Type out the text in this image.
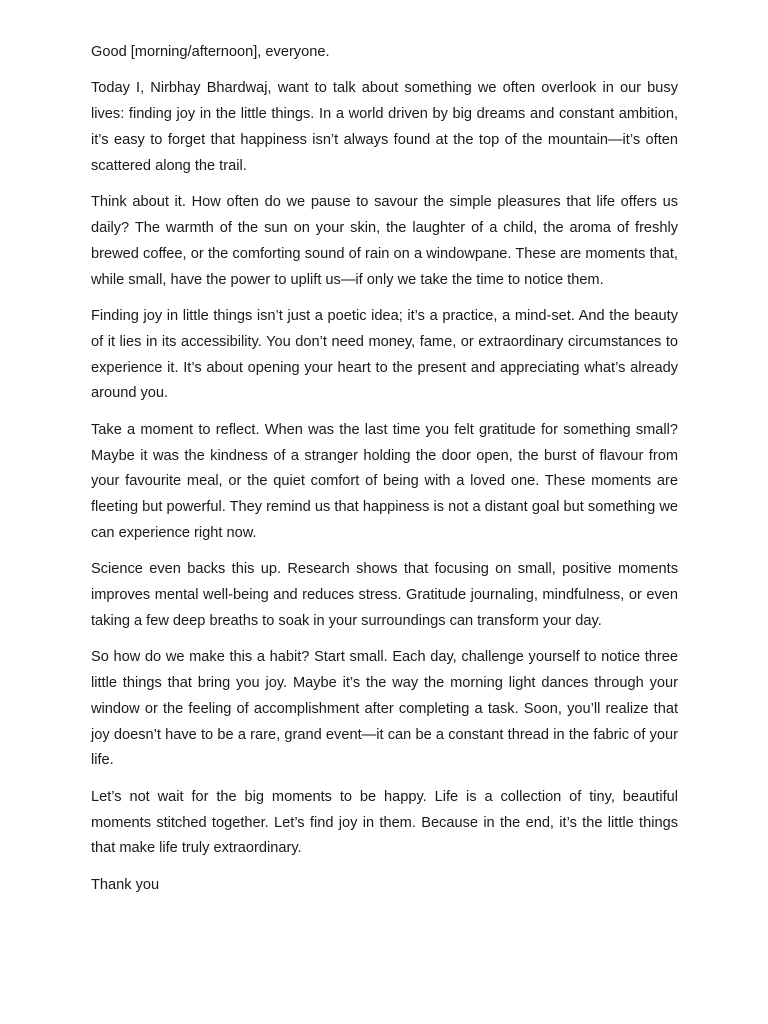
Good [morning/afternoon], everyone.

Today I, Nirbhay Bhardwaj, want to talk about something we often overlook in our busy lives: finding joy in the little things. In a world driven by big dreams and constant ambition, it’s easy to forget that happiness isn’t always found at the top of the mountain—it’s often scattered along the trail.

Think about it. How often do we pause to savour the simple pleasures that life offers us daily? The warmth of the sun on your skin, the laughter of a child, the aroma of freshly brewed coffee, or the comforting sound of rain on a windowpane. These are moments that, while small, have the power to uplift us—if only we take the time to notice them.

Finding joy in little things isn’t just a poetic idea; it’s a practice, a mind-set. And the beauty of it lies in its accessibility. You don’t need money, fame, or extraordinary circumstances to experience it. It’s about opening your heart to the present and appreciating what’s already around you.

Take a moment to reflect. When was the last time you felt gratitude for something small? Maybe it was the kindness of a stranger holding the door open, the burst of flavour from your favourite meal, or the quiet comfort of being with a loved one. These moments are fleeting but powerful. They remind us that happiness is not a distant goal but something we can experience right now.

Science even backs this up. Research shows that focusing on small, positive moments improves mental well-being and reduces stress. Gratitude journaling, mindfulness, or even taking a few deep breaths to soak in your surroundings can transform your day.

So how do we make this a habit? Start small. Each day, challenge yourself to notice three little things that bring you joy. Maybe it’s the way the morning light dances through your window or the feeling of accomplishment after completing a task. Soon, you’ll realize that joy doesn’t have to be a rare, grand event—it can be a constant thread in the fabric of your life.

Let’s not wait for the big moments to be happy. Life is a collection of tiny, beautiful moments stitched together. Let’s find joy in them. Because in the end, it’s the little things that make life truly extraordinary.

Thank you
